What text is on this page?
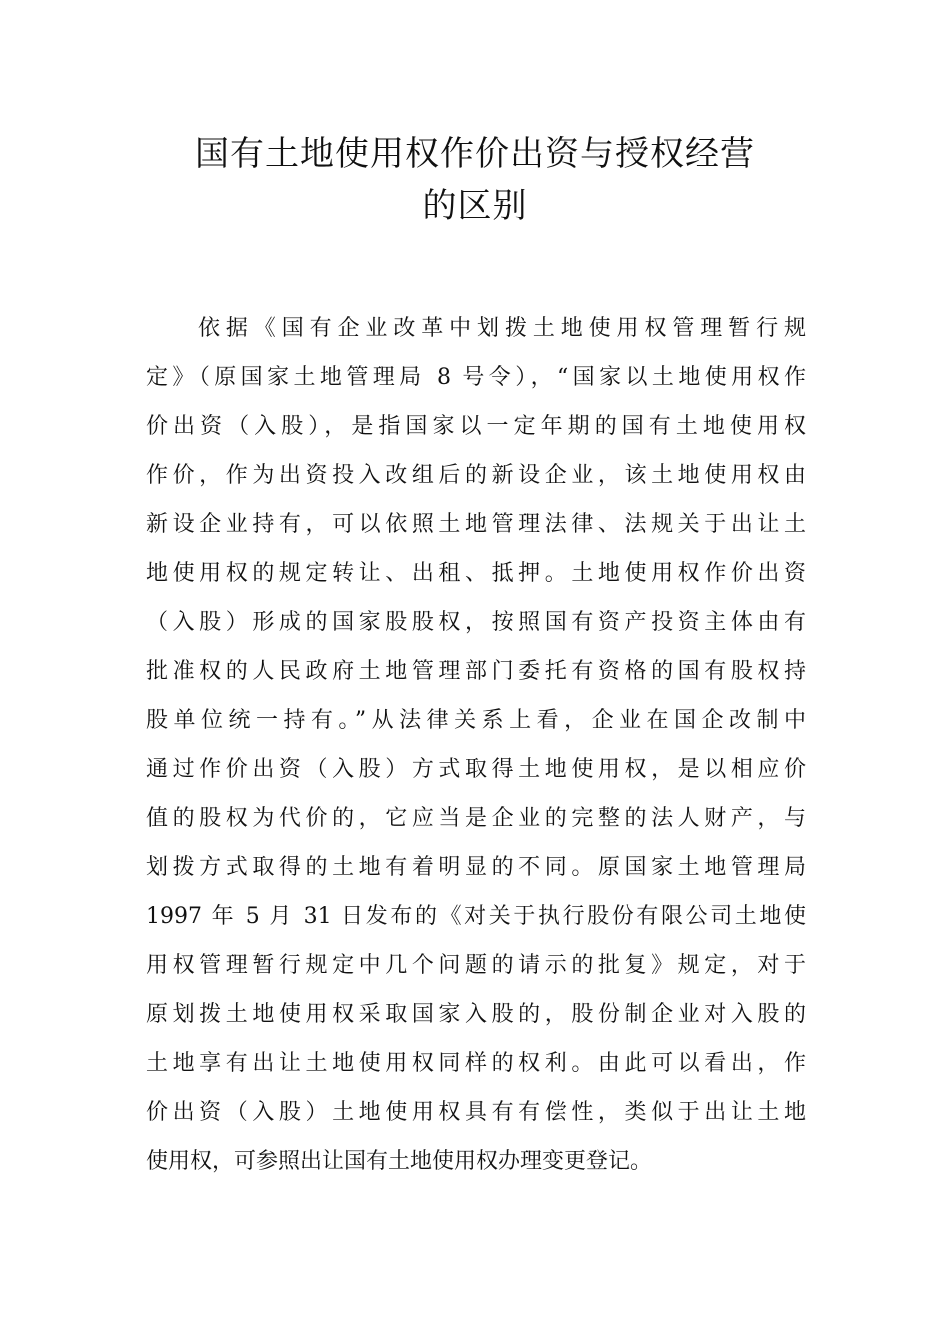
国有土地使用权作价出资与授权经营
的区别
依据《国有企业改革中划拨土地使用权管理暂行规
定》（原国家土地管理局 8 号令），“国家以土地使用权作
价出资（入股），是指国家以一定年期的国有土地使用权
作价，作为出资投入改组后的新设企业，该土地使用权由
新设企业持有，可以依照土地管理法律、法规关于出让土
地使用权的规定转让、出租、抵押。土地使用权作价出资
（入股）形成的国家股股权，按照国有资产投资主体由有
批准权的人民政府土地管理部门委托有资格的国有股权持
股单位统一持有。”从法律关系上看，企业在国企改制中
通过作价出资（入股）方式取得土地使用权，是以相应价
值的股权为代价的，它应当是企业的完整的法人财产，与
划拨方式取得的土地有着明显的不同。原国家土地管理局
1997 年 5 月 31 日发布的《对关于执行股份有限公司土地使
用权管理暂行规定中几个问题的请示的批复》规定，对于
原划拨土地使用权采取国家入股的，股份制企业对入股的
土地享有出让土地使用权同样的权利。由此可以看出，作
价出资（入股）土地使用权具有有偿性，类似于出让土地
使用权，可参照出让国有土地使用权办理变更登记。
